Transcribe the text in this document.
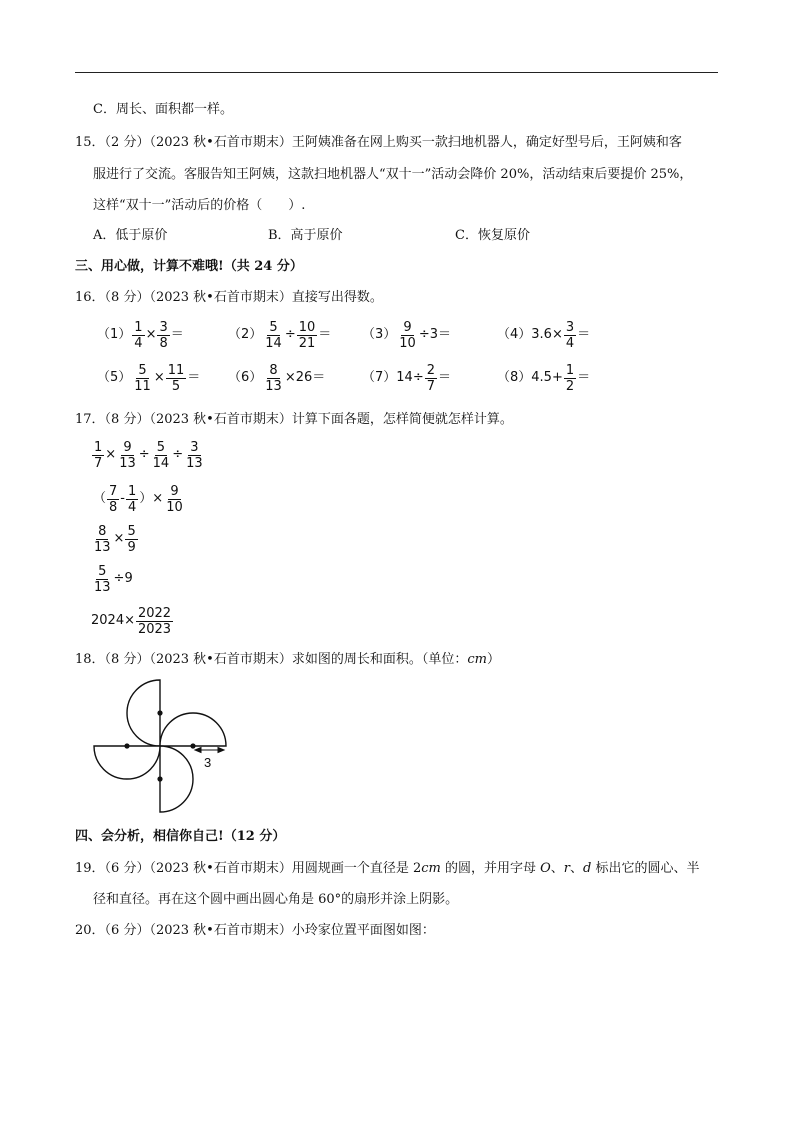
C．周长、面积都一样。
15．（2 分）（2023 秋•石首市期末）王阿姨准备在网上购买一款扫地机器人，确定好型号后，王阿姨和客
服进行了交流。客服告知王阿姨，这款扫地机器人“双十一”活动会降价 20%，活动结束后要提价 25%，
这样“双十一”活动后的价格（　　）.
A．低于原价	B．高于原价	C．恢复原价
三、用心做，计算不难哦!（共 24 分）
16．（8 分）（2023 秋•石首市期末）直接写出得数。
$(1) \frac{1}{4} \times \frac{3}{8}$ ＝	$(2) \frac{5}{14} \div \frac{10}{21} = (3) \frac{9}{10} \div 3=$	$(4)3.6\times \frac{3}{4}$ ＝
$(5) \frac{5}{11} \times \frac{11}{5} = (6) \frac{8}{13} \times 26=$	$(7)14\div \frac{2}{7}$ ＝	$(8)4.5+ \frac{1}{2}$ ＝
17．（8 分）（2023 秋•石首市期末）计算下面各题，怎样简便就怎样计算。
$\frac{1}{7} \times \frac{9}{13} \div \frac{5}{14} \div \frac{3}{13}$
（ $\frac{7}{8} - \frac{1}{4}$ ）× $\frac{9}{10}$
$\frac{8}{13} \times \frac{5}{9}$
$\frac{5}{13} \div 9$
$2024\times \frac{2022}{2023}$
18．（8 分）（2023 秋•石首市期末）求如图的周长和面积。（单位：cm）
3
四、会分析，相信你自己!（12 分）
19．（6 分）（2023 秋•石首市期末）用圆规画一个直径是 2cm 的圆，并用字母 O、r、d 标出它的圆心、半
径和直径。再在这个圆中画出圆心角是 60°的扇形并涂上阴影。
20．（6 分）（2023 秋•石首市期末）小玲家位置平面图如图：
